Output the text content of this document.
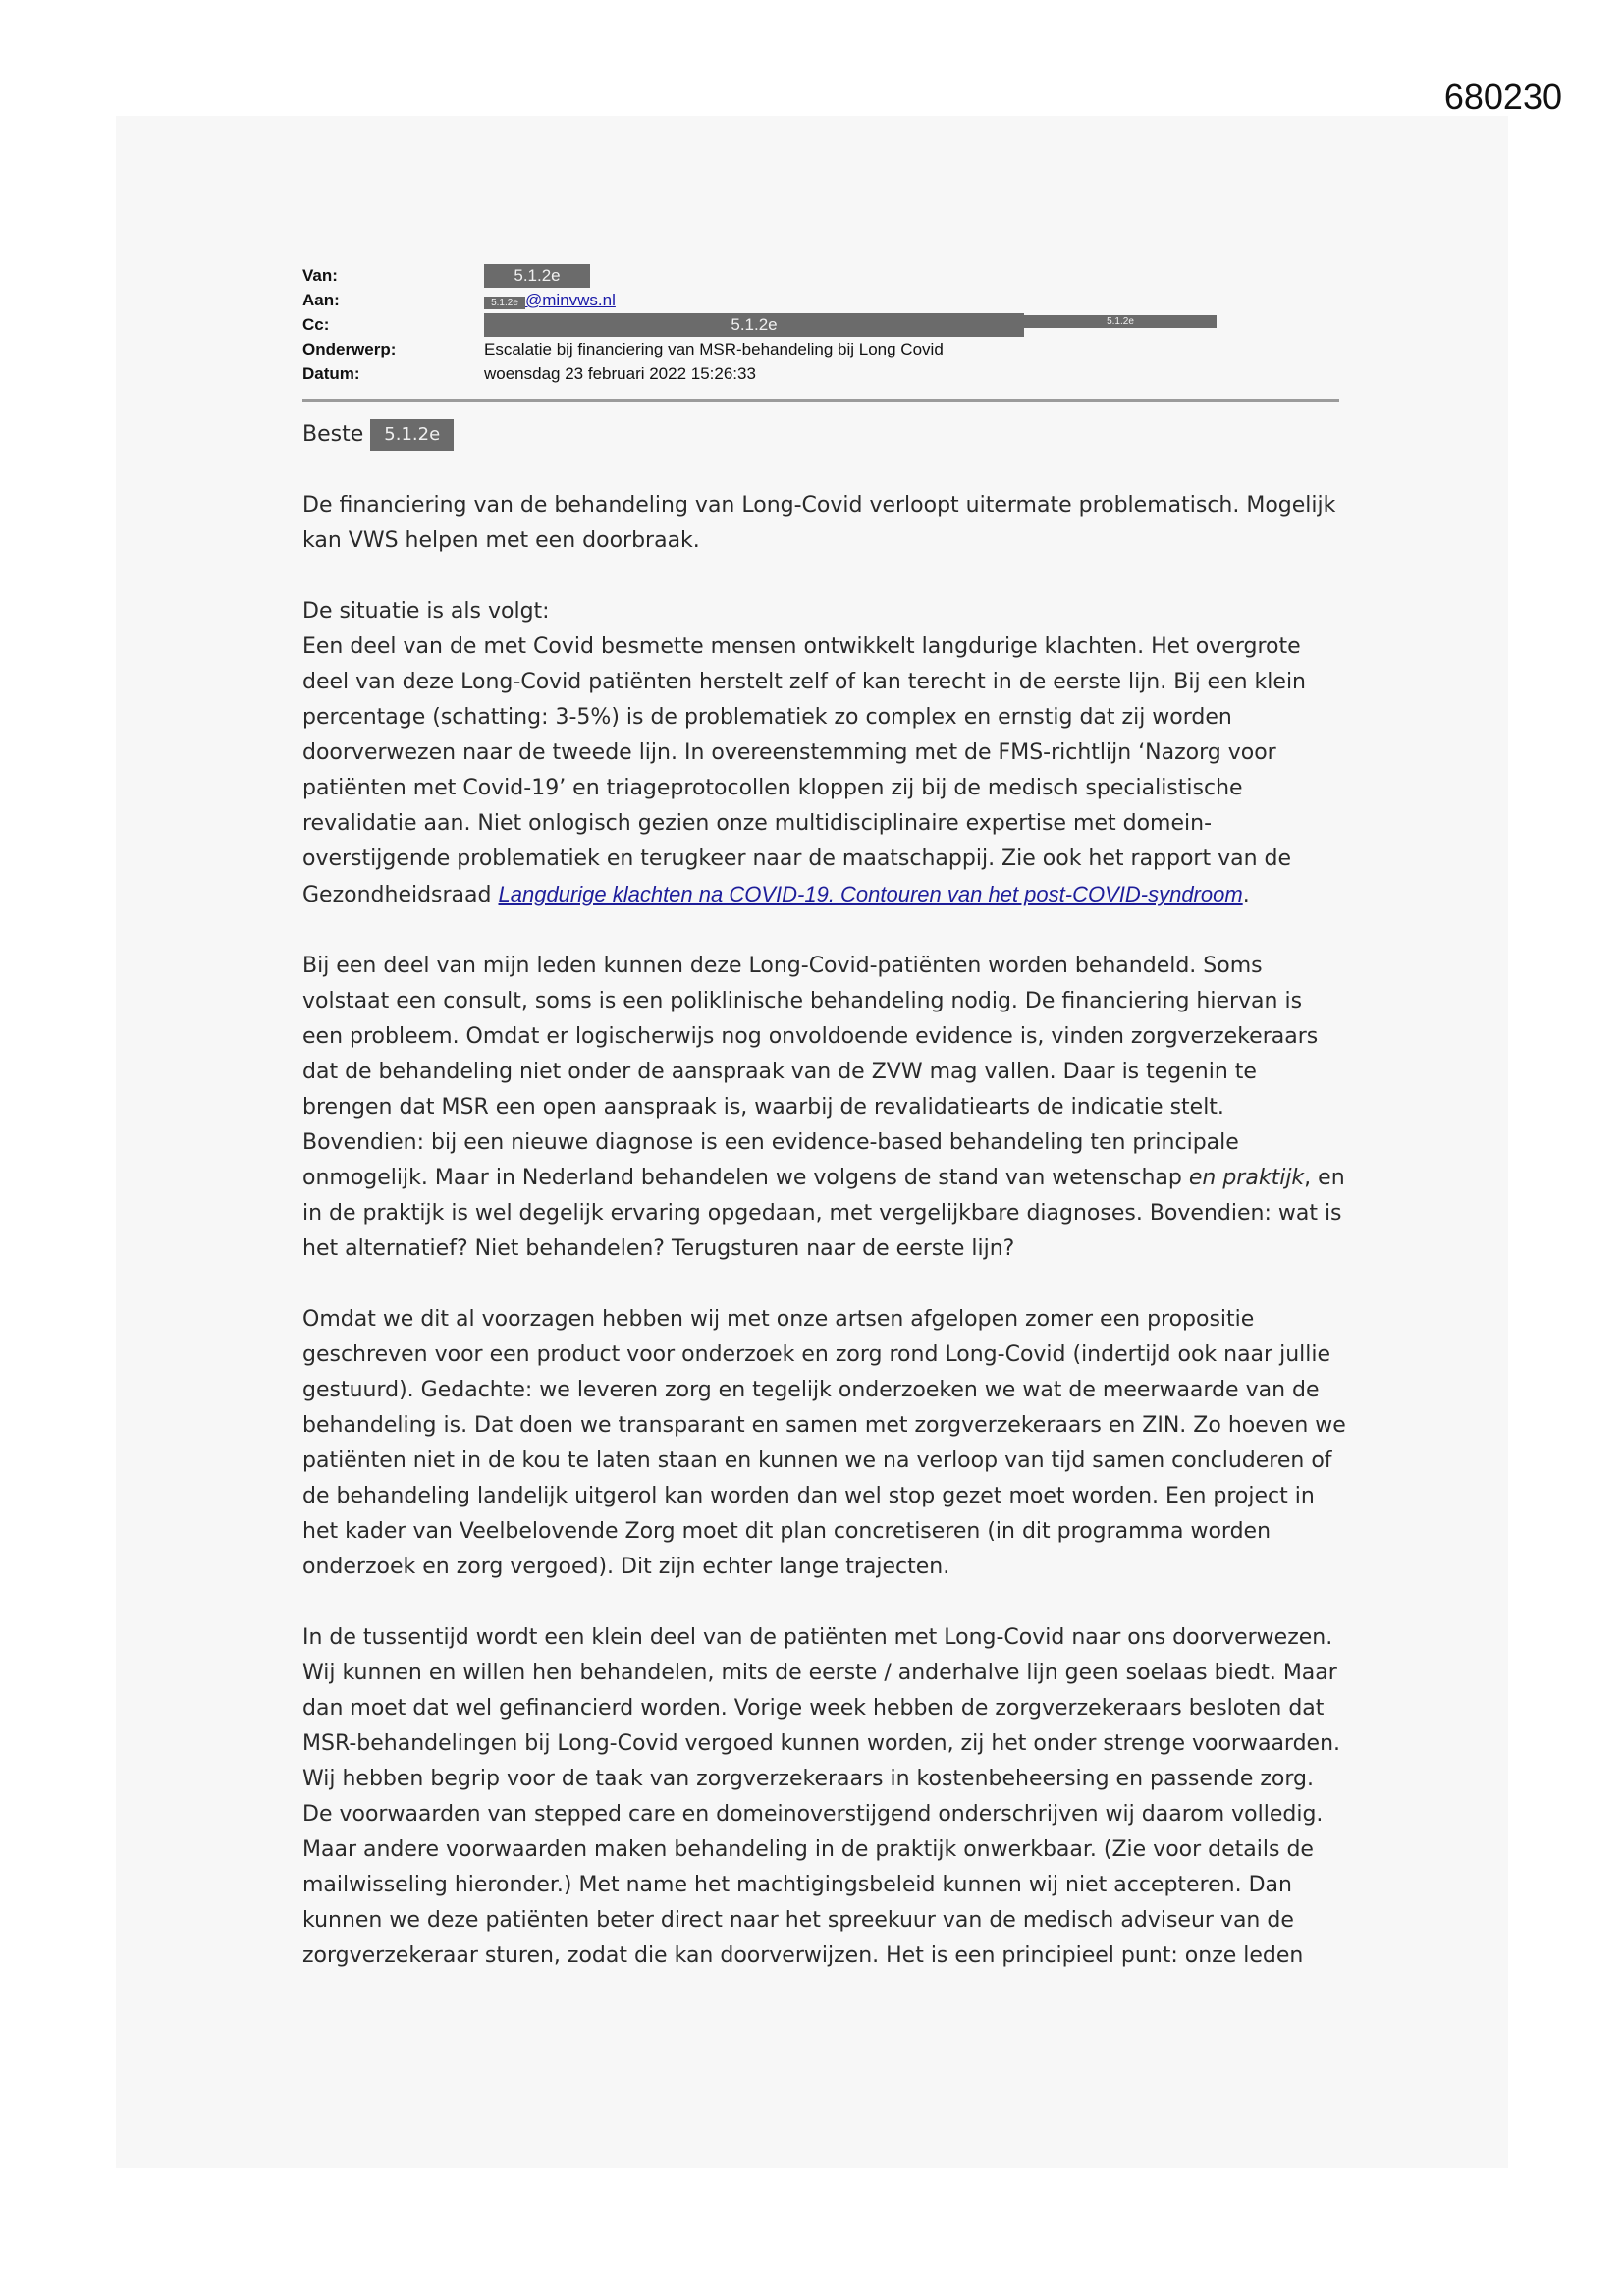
680230
Van:	5.1.2e
Aan:	5.1.2e @minvws.nl
Cc:	5.1.2e	5.1.2e
Onderwerp:	Escalatie bij financiering van MSR-behandeling bij Long Covid
Datum:	woensdag 23 februari 2022 15:26:33

Beste 5.1.2e

De financiering van de behandeling van Long-Covid verloopt uitermate problematisch. Mogelijk kan VWS helpen met een doorbraak.

De situatie is als volgt:

Een deel van de met Covid besmette mensen ontwikkelt langdurige klachten. Het overgrote deel van deze Long-Covid patiënten herstelt zelf of kan terecht in de eerste lijn. Bij een klein percentage (schatting: 3-5%) is de problematiek zo complex en ernstig dat zij worden doorverwezen naar de tweede lijn. In overeenstemming met de FMS-richtlijn ‘Nazorg voor patiënten met Covid-19’ en triageprotocollen kloppen zij bij de medisch specialistische revalidatie aan. Niet onlogisch gezien onze multidisciplinaire expertise met domein-overstijgende problematiek en terugkeer naar de maatschappij. Zie ook het rapport van de Gezondheidsraad Langdurige klachten na COVID-19. Contouren van het post-COVID-syndroom.

Bij een deel van mijn leden kunnen deze Long-Covid-patiënten worden behandeld. Soms volstaat een consult, soms is een poliklinische behandeling nodig. De financiering hiervan is een probleem. Omdat er logischerwijs nog onvoldoende evidence is, vinden zorgverzekeraars dat de behandeling niet onder de aanspraak van de ZVW mag vallen. Daar is tegenin te brengen dat MSR een open aanspraak is, waarbij de revalidatiearts de indicatie stelt. Bovendien: bij een nieuwe diagnose is een evidence-based behandeling ten principale onmogelijk. Maar in Nederland behandelen we volgens de stand van wetenschap en praktijk, en in de praktijk is wel degelijk ervaring opgedaan, met vergelijkbare diagnoses. Bovendien: wat is het alternatief? Niet behandelen? Terugsturen naar de eerste lijn?

Omdat we dit al voorzagen hebben wij met onze artsen afgelopen zomer een propositie geschreven voor een product voor onderzoek en zorg rond Long-Covid (indertijd ook naar jullie gestuurd). Gedachte: we leveren zorg en tegelijk onderzoeken we wat de meerwaarde van de behandeling is. Dat doen we transparant en samen met zorgverzekeraars en ZIN. Zo hoeven we patiënten niet in de kou te laten staan en kunnen we na verloop van tijd samen concluderen of de behandeling landelijk uitgerol kan worden dan wel stop gezet moet worden. Een project in het kader van Veelbelovende Zorg moet dit plan concretiseren (in dit programma worden onderzoek en zorg vergoed). Dit zijn echter lange trajecten.

In de tussentijd wordt een klein deel van de patiënten met Long-Covid naar ons doorverwezen. Wij kunnen en willen hen behandelen, mits de eerste / anderhalve lijn geen soelaas biedt. Maar dan moet dat wel gefinancierd worden. Vorige week hebben de zorgverzekeraars besloten dat MSR-behandelingen bij Long-Covid vergoed kunnen worden, zij het onder strenge voorwaarden. Wij hebben begrip voor de taak van zorgverzekeraars in kostenbeheersing en passende zorg. De voorwaarden van stepped care en domeinoverstijgend onderschrijven wij daarom volledig. Maar andere voorwaarden maken behandeling in de praktijk onwerkbaar. (Zie voor details de mailwisseling hieronder.) Met name het machtigingsbeleid kunnen wij niet accepteren. Dan kunnen we deze patiënten beter direct naar het spreekuur van de medisch adviseur van de zorgverzekeraar sturen, zodat die kan doorverwijzen. Het is een principieel punt: onze leden
